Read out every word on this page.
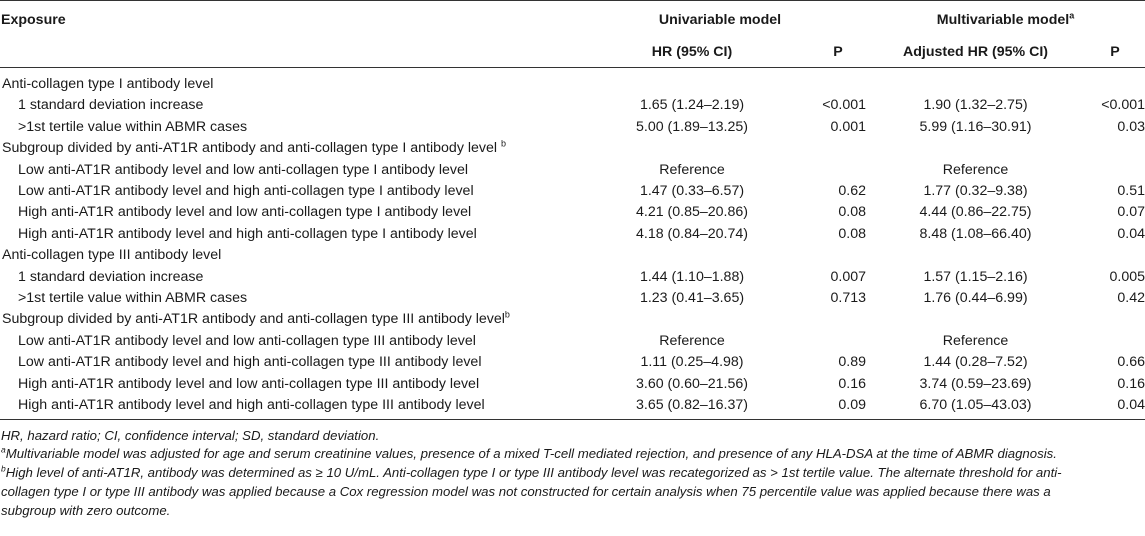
Exposure	Univariable model		Multivariable model$^a$
	HR (95% CI)	P	Adjusted HR (95% CI)	P
Anti-collagen type I antibody level				
1 standard deviation increase	1.65 (1.24–2.19)	<0.001	1.90 (1.32–2.75)	<0.001
>1st tertile value within ABMR cases	5.00 (1.89–13.25)	0.001	5.99 (1.16–30.91)	0.03
Subgroup divided by anti-AT1R antibody and anti-collagen type I antibody level $^b$				
Low anti-AT1R antibody level and low anti-collagen type I antibody level	Reference		Reference	
Low anti-AT1R antibody level and high anti-collagen type I antibody level	1.47 (0.33–6.57)	0.62	1.77 (0.32–9.38)	0.51
High anti-AT1R antibody level and low anti-collagen type I antibody level	4.21 (0.85–20.86)	0.08	4.44 (0.86–22.75)	0.07
High anti-AT1R antibody level and high anti-collagen type I antibody level	4.18 (0.84–20.74)	0.08	8.48 (1.08–66.40)	0.04
Anti-collagen type III antibody level				
1 standard deviation increase	1.44 (1.10–1.88)	0.007	1.57 (1.15–2.16)	0.005
>1st tertile value within ABMR cases	1.23 (0.41–3.65)	0.713	1.76 (0.44–6.99)	0.42
Subgroup divided by anti-AT1R antibody and anti-collagen type III antibody level$^b$				
Low anti-AT1R antibody level and low anti-collagen type III antibody level	Reference		Reference	
Low anti-AT1R antibody level and high anti-collagen type III antibody level	1.11 (0.25–4.98)	0.89	1.44 (0.28–7.52)	0.66
High anti-AT1R antibody level and low anti-collagen type III antibody level	3.60 (0.60–21.56)	0.16	3.74 (0.59–23.69)	0.16
High anti-AT1R antibody level and high anti-collagen type III antibody level	3.65 (0.82–16.37)	0.09	6.70 (1.05–43.03)	0.04
HR, hazard ratio; CI, confidence interval; SD, standard deviation.
$^a$Multivariable model was adjusted for age and serum creatinine values, presence of a mixed T-cell mediated rejection, and presence of any HLA-DSA at the time of ABMR diagnosis.
$^b$High level of anti-AT1R, antibody was determined as ≥ 10 U/mL. Anti-collagen type I or type III antibody level was recategorized as > 1st tertile value. The alternate threshold for anti-
collagen type I or type III antibody was applied because a Cox regression model was not constructed for certain analysis when 75 percentile value was applied because there was a
subgroup with zero outcome.
